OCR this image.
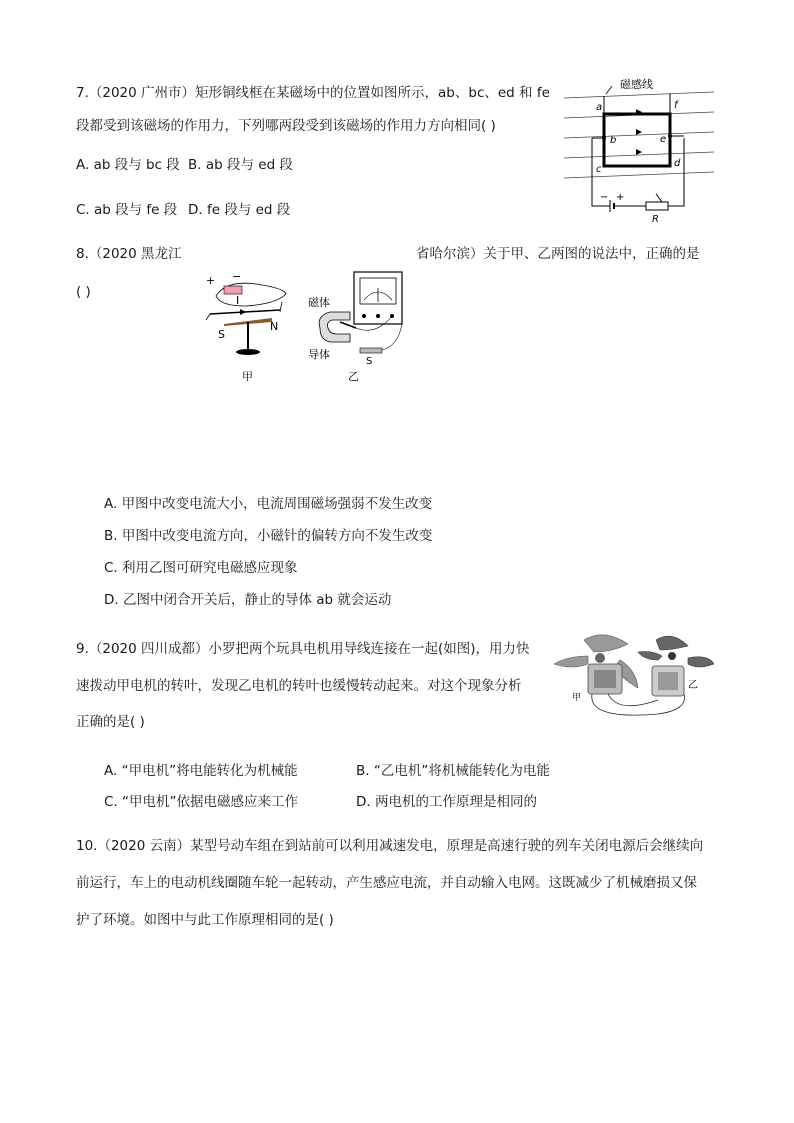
7.（2020 广州市）矩形铜线框在某磁场中的位置如图所示，ab、bc、ed 和 fe
段都受到该磁场的作用力，下列哪两段受到该磁场的作用力方向相同( )
A. ab 段与 bc 段 B. ab 段与 ed 段
C. ab 段与 fe 段 D. fe 段与 ed 段
磁感线
a
b
c
d
e
f
− +
R
8.（2020 黑龙江	省哈尔滨）关于甲、乙两图的说法中，正确的是
( )
+ −
I
S
N
甲
磁体
导体
S
乙
A. 甲图中改变电流大小，电流周围磁场强弱不发生改变
B. 甲图中改变电流方向，小磁针的偏转方向不发生改变
C. 利用乙图可研究电磁感应现象
D. 乙图中闭合开关后，静止的导体 ab 就会运动
9.（2020 四川成都）小罗把两个玩具电机用导线连接在一起(如图)，用力快
速拨动甲电机的转叶，发现乙电机的转叶也缓慢转动起来。对这个现象分析
正确的是( )
甲
乙
A. “甲电机”将电能转化为机械能	B. “乙电机”将机械能转化为电能
C. “甲电机”依据电磁感应来工作	D. 两电机的工作原理是相同的
10.（2020 云南）某型号动车组在到站前可以利用减速发电，原理是高速行驶的列车关闭电源后会继续向
前运行，车上的电动机线圈随车轮一起转动，产生感应电流，并自动输入电网。这既减少了机械磨损又保
护了环境。如图中与此工作原理相同的是( )
